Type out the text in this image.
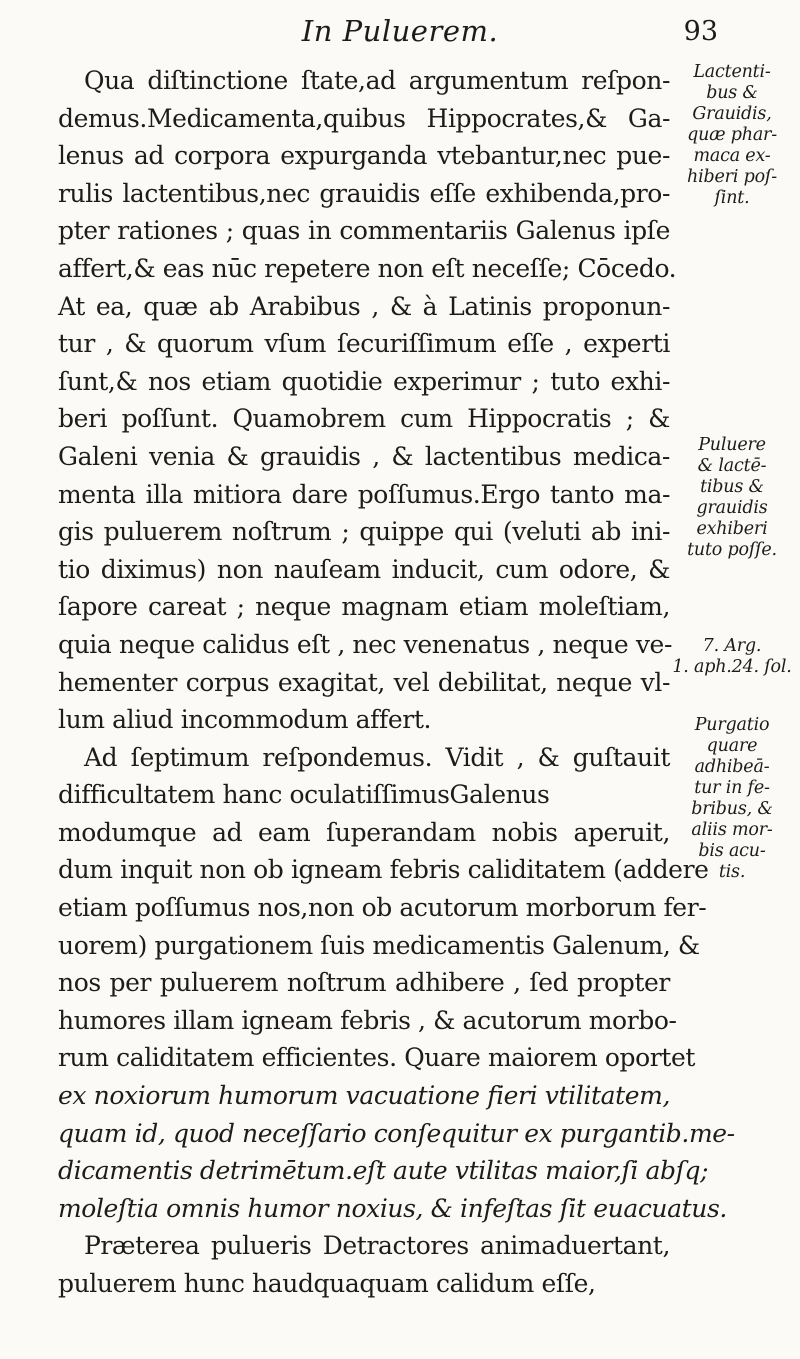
In Puluerem.	93
Qua diſtinctione ſtate,ad argumentum reſpon-
demus.Medicamenta,quibus Hippocrates,& Ga-
lenus ad corpora expurganda vtebantur,nec pue-
rulis lactentibus,nec grauidis eſſe exhibenda,pro-
pter rationes ; quas in commentariis Galenus ipſe
affert,& eas nūc repetere non eſt neceſſe; Cōcedo.
At ea, quæ ab Arabibus , & à Latinis proponun-
tur , & quorum vſum ſecuriſſimum eſſe , experti
ſunt,& nos etiam quotidie experimur ; tuto exhi-
beri poſſunt. Quamobrem cum Hippocratis ; &
Galeni venia & grauidis , & lactentibus medica-
menta illa mitiora dare poſſumus.Ergo tanto ma-
gis puluerem noſtrum ; quippe qui (veluti ab ini-
tio diximus) non nauſeam inducit, cum odore, &
ſapore careat ; neque magnam etiam moleſtiam,
quia neque calidus eſt , nec venenatus , neque ve-
hementer corpus exagitat, vel debilitat, neque vl-
lum aliud incommodum affert.
Ad ſeptimum reſpondemus. Vidit , & guſtauit
difficultatem hanc oculatiſſimusGalenus
modumque ad eam ſuperandam nobis aperuit,
dum inquit non ob igneam febris caliditatem (addere
etiam poſſumus nos,non ob acutorum morborum fer-
uorem) purgationem ſuis medicamentis Galenum, &
nos per puluerem noſtrum adhibere , ſed propter
humores illam igneam febris , & acutorum morbo-
rum caliditatem efficientes. Quare maiorem oportet
ex noxiorum humorum vacuatione fieri vtilitatem,
quam id, quod neceſſario conſequitur ex purgantib.me-
dicamentis detrimētum.eſt aute vtilitas maior,ſi abſq;
moleſtia omnis humor noxius, & infeſtas ſit euacuatus.
Præterea pulueris Detractores animaduertant,
puluerem hunc haudquaquam calidum eſſe,
Lactenti-
bus &
Grauidis,
quæ phar-
maca ex-
hiberi poſ-
ſint.
Puluere
& lactē-
tibus &
grauidis
exhiberi
tuto poſſe.
7. Arg.
1. aph.24. ſol.
Purgatio
quare
adhibeā-
tur in fe-
bribus, &
aliis mor-
bis acu-
tis.
